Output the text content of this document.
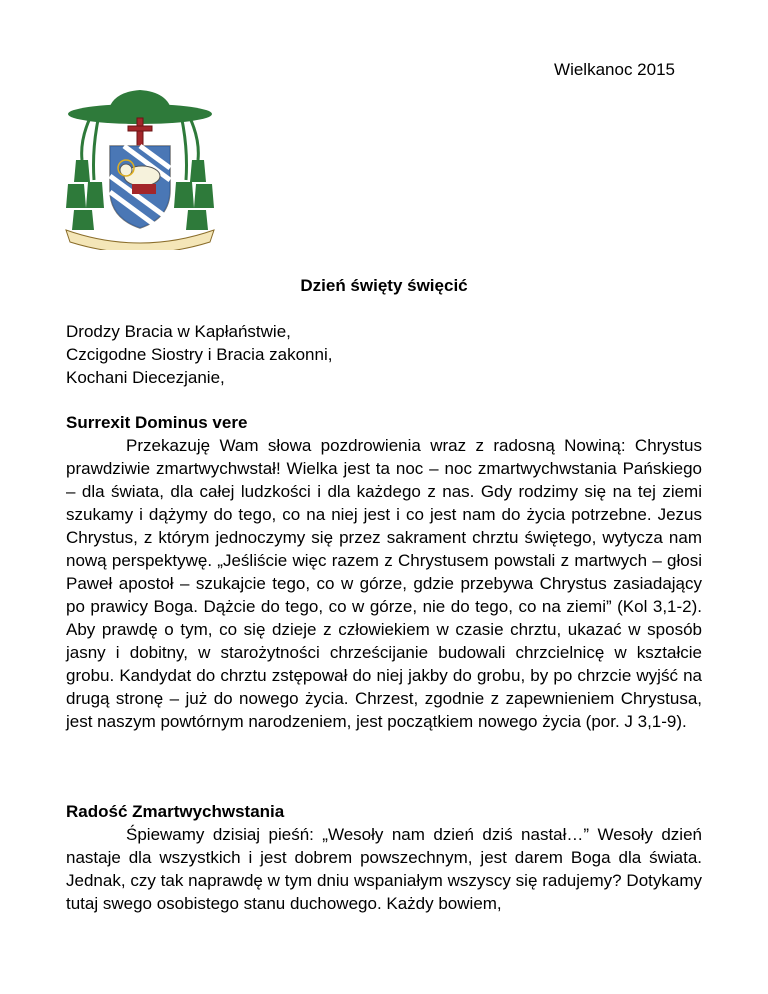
Wielkanoc 2015
Dzień święty święcić
Drodzy Bracia w Kapłaństwie,
Czcigodne Siostry i Bracia zakonni,
Kochani Diecezjanie,
Surrexit Dominus vere

Przekazuję Wam słowa pozdrowienia wraz z radosną Nowiną: Chrystus prawdziwie zmartwychwstał! Wielka jest ta noc – noc zmartwychwstania Pańskiego – dla świata, dla całej ludzkości i dla każdego z nas. Gdy rodzimy się na tej ziemi szukamy i dążymy do tego, co na niej jest i co jest nam do życia potrzebne. Jezus Chrystus, z którym jednoczymy się przez sakrament chrztu świętego, wytycza nam nową perspektywę. „Jeśliście więc razem z Chrystusem powstali z martwych – głosi Paweł apostoł – szukajcie tego, co w górze, gdzie przebywa Chrystus zasiadający po prawicy Boga. Dążcie do tego, co w górze, nie do tego, co na ziemi” (Kol 3,1-2). Aby prawdę o tym, co się dzieje z człowiekiem w czasie chrztu, ukazać w sposób jasny i dobitny, w starożytności chrześcijanie budowali chrzcielnicę w kształcie grobu. Kandydat do chrztu zstępował do niej jakby do grobu, by po chrzcie wyjść na drugą stronę – już do nowego życia. Chrzest, zgodnie z zapewnieniem Chrystusa, jest naszym powtórnym narodzeniem, jest początkiem nowego życia (por. J 3,1-9).

Radość Zmartwychwstania

Śpiewamy dzisiaj pieśń: „Wesoły nam dzień dziś nastał…” Wesoły dzień nastaje dla wszystkich i jest dobrem powszechnym, jest darem Boga dla świata. Jednak, czy tak naprawdę w tym dniu wspaniałym wszyscy się radujemy? Dotykamy tutaj swego osobistego stanu duchowego. Każdy bowiem,
